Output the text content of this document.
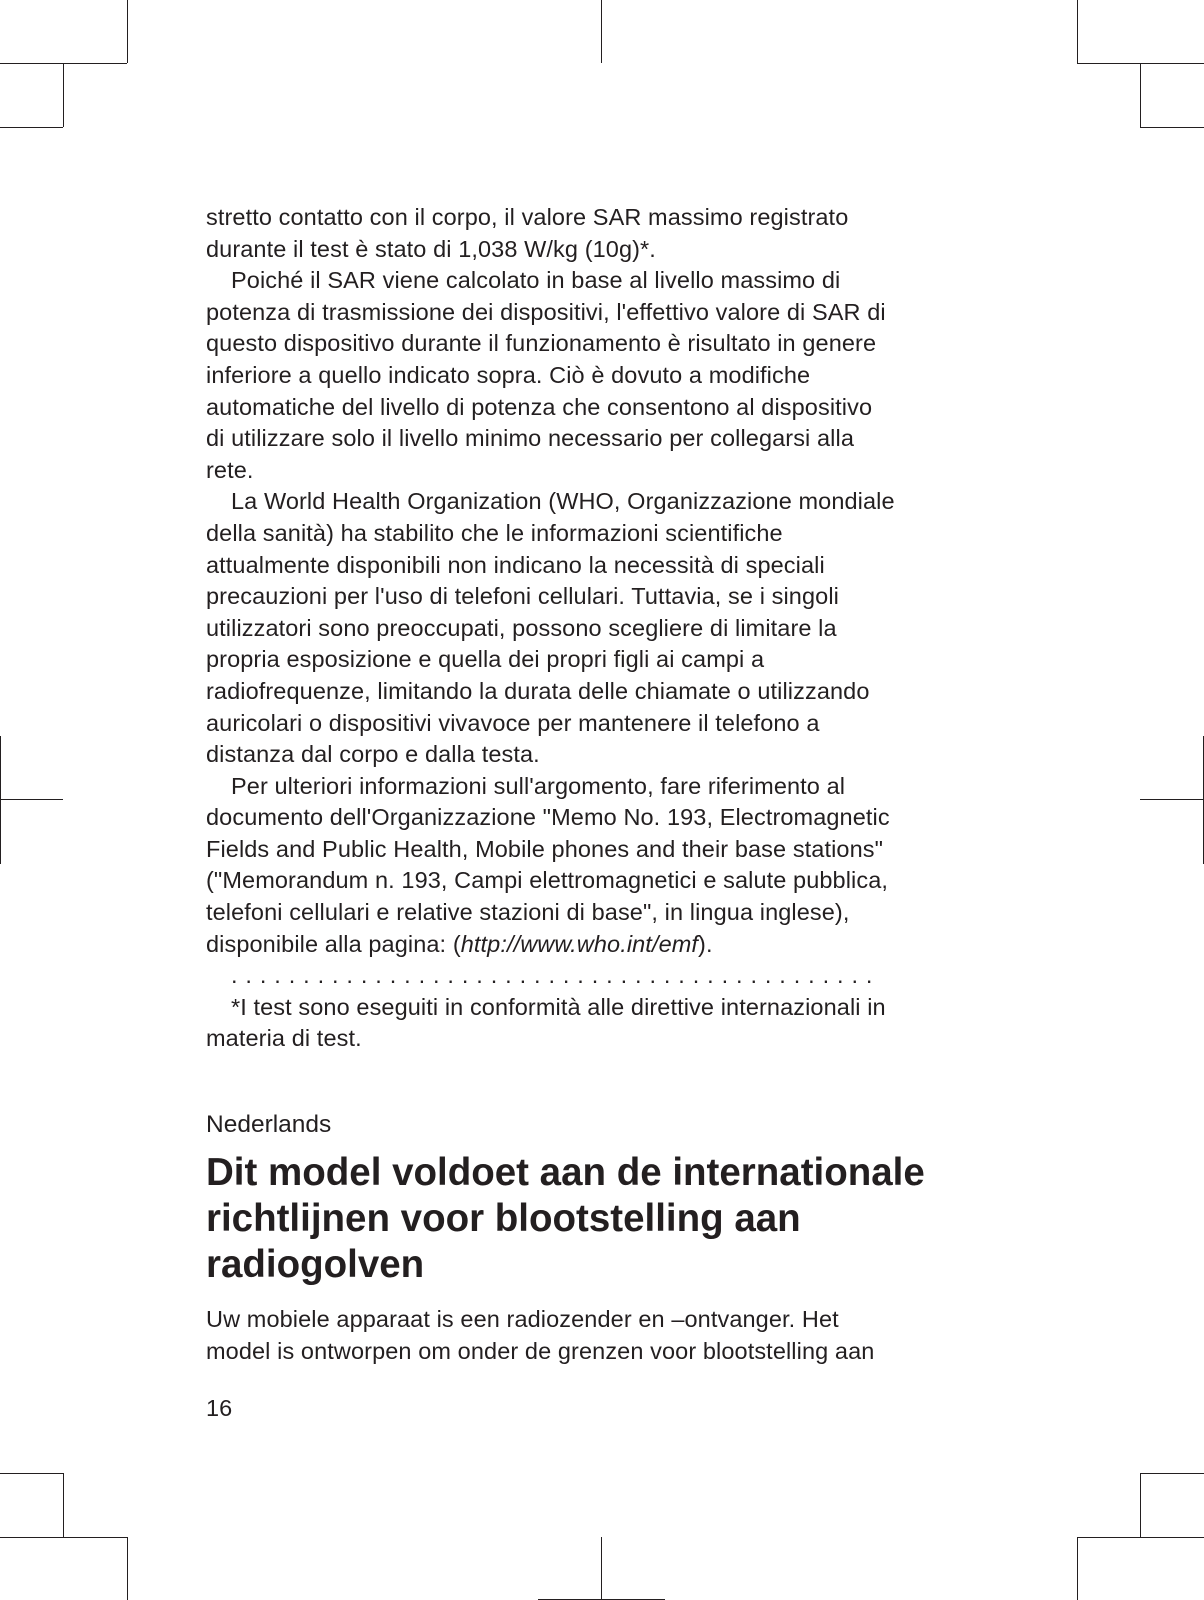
stretto contatto con il corpo, il valore SAR massimo registrato

durante il test è stato di 1,038 W/kg (10g)*.

Poiché il SAR viene calcolato in base al livello massimo di

potenza di trasmissione dei dispositivi, l'effettivo valore di SAR di

questo dispositivo durante il funzionamento è risultato in genere

inferiore a quello indicato sopra. Ciò è dovuto a modifiche

automatiche del livello di potenza che consentono al dispositivo

di utilizzare solo il livello minimo necessario per collegarsi alla

rete.

La World Health Organization (WHO, Organizzazione mondiale

della sanità) ha stabilito che le informazioni scientifiche

attualmente disponibili non indicano la necessità di speciali

precauzioni per l'uso di telefoni cellulari. Tuttavia, se i singoli

utilizzatori sono preoccupati, possono scegliere di limitare la

propria esposizione e quella dei propri figli ai campi a

radiofrequenze, limitando la durata delle chiamate o utilizzando

auricolari o dispositivi vivavoce per mantenere il telefono a

distanza dal corpo e dalla testa.

Per ulteriori informazioni sull'argomento, fare riferimento al

documento dell'Organizzazione "Memo No. 193, Electromagnetic

Fields and Public Health, Mobile phones and their base stations"

("Memorandum n. 193, Campi elettromagnetici e salute pubblica,

telefoni cellulari e relative stazioni di base", in lingua inglese),

disponibile alla pagina: (http://www.who.int/emf).

.............................................

*I test sono eseguiti in conformità alle direttive internazionali in

materia di test.

Nederlands

Dit model voldoet aan de internationale
richtlijnen voor blootstelling aan
radiogolven

Uw mobiele apparaat is een radiozender en –ontvanger. Het

model is ontworpen om onder de grenzen voor blootstelling aan

16
